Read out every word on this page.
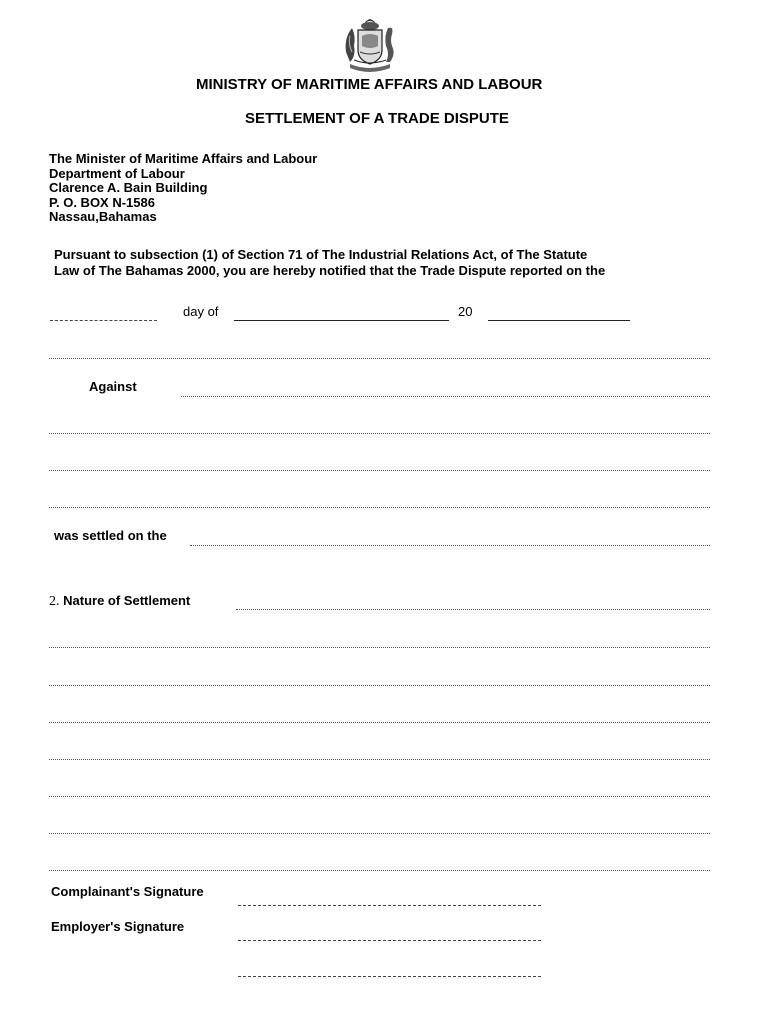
MINISTRY OF MARITIME AFFAIRS AND LABOUR
SETTLEMENT OF A TRADE DISPUTE
The Minister of Maritime Affairs and Labour
Department of Labour
Clarence A. Bain Building
P. O. BOX N-1586
Nassau,Bahamas
Pursuant to subsection (1) of Section 71 of The Industrial Relations Act, of The Statute
Law of The Bahamas 2000, you are hereby notified that the Trade Dispute reported on the
day of	20
Against
was settled on the
2. Nature of Settlement
Complainant's Signature
Employer's Signature
